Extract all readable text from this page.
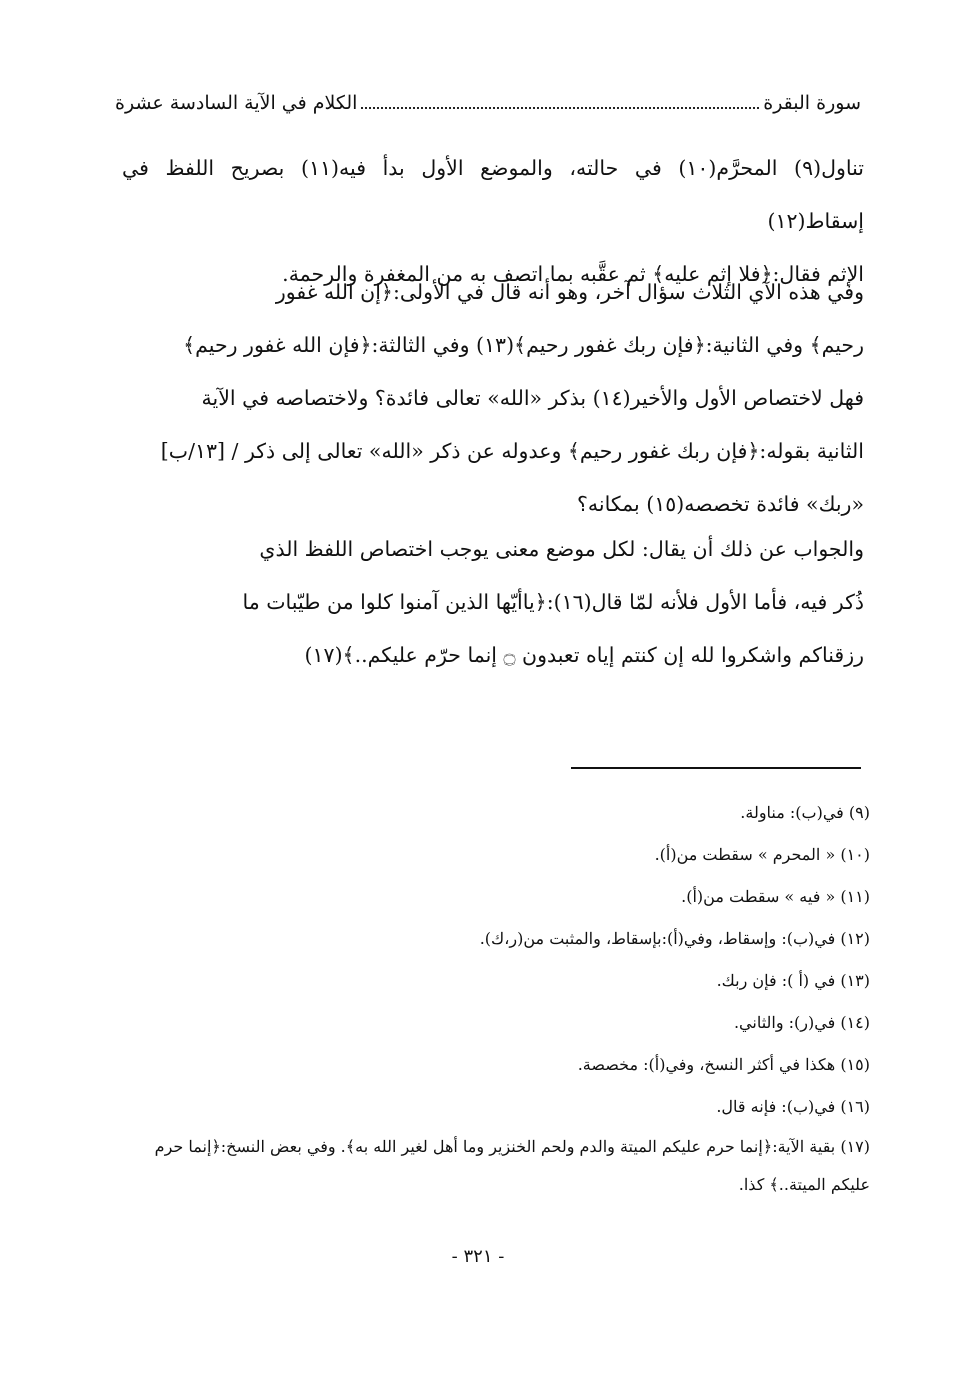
سورة البقرة
الكلام في الآية السادسة عشرة

تناول(٩) المحرَّم(١٠) في حالته، والموضع الأول بدأ فيه(١١) بصريح اللفظ في إسقاط(١٢)

الإثم فقال:﴿فلا إثم عليه﴾ ثم عقَّبه بما اتصف به من المغفرة والرحمة.

وفي هذه الآي الثلاث سؤال آخر، وهو أنه قال في الأولى:﴿إن الله غفور

رحيم﴾ وفي الثانية:﴿فإن ربك غفور رحيم﴾(١٣) وفي الثالثة:﴿فإن الله غفور رحيم﴾

فهل لاختصاص الأول والأخير(١٤) بذكر «الله» تعالى فائدة؟ ولاختصاصه في الآية

الثانية بقوله:﴿فإن ربك غفور رحيم﴾ وعدوله عن ذكر «الله» تعالى إلى ذكر / [١٣/ب]

«ربك» فائدة تخصصه(١٥) بمكانه؟

والجواب عن ذلك أن يقال: لكل موضع معنى يوجب اختصاص اللفظ الذي

ذُكر فيه، فأما الأول فلأنه لمّا قال(١٦):﴿ياأيّها الذين آمنوا كلوا من طيّبات ما

رزقناكم واشكروا لله إن كنتم إياه تعبدون ۝ إنما حرّم عليكم..﴾(١٧)

(٩) في(ب): مناولة.

(١٠) « المحرم » سقطت من(أ).

(١١) « فيه » سقطت من(أ).

(١٢) في(ب): وإسقاط، وفي(أ):بإسقاط، والمثبت من(ر،ك).

(١٣) في (أ ): فإن ربك.

(١٤) في(ر): والثاني.

(١٥) هكذا في أكثر النسخ، وفي(أ): مخصصة.

(١٦) في(ب): فإنه قال.

(١٧) بقية الآية:﴿إنما حرم عليكم الميتة والدم ولحم الخنزير وما أهل لغير الله به﴾. وفي بعض النسخ:﴿إنما حرم عليكم الميتة..﴾ كذا.

- ٣٢١ -
